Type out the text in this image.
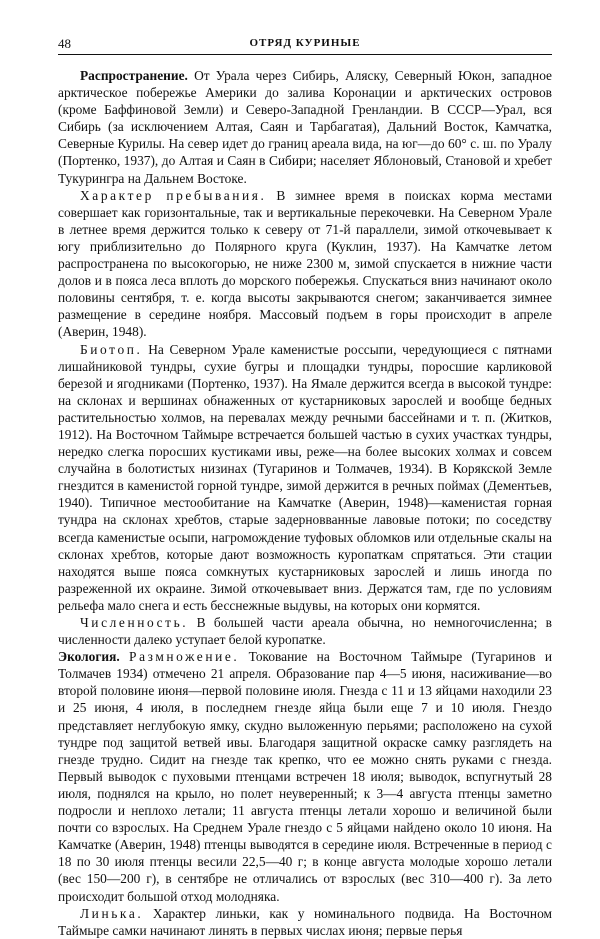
48	ОТРЯД КУРИНЫЕ

Распространение. От Урала через Сибирь, Аляску, Северный Юкон, западное арктическое побережье Америки до залива Коронации и арктических островов (кроме Баффиновой Земли) и Северо-Западной Гренландии. В СССР—Урал, вся Сибирь (за исключением Алтая, Саян и Тарбагатая), Дальний Восток, Камчатка, Северные Курилы. На север идет до границ ареала вида, на юг—до 60° с. ш. по Уралу (Портенко, 1937), до Алтая и Саян в Сибири; населяет Яблоновый, Становой и хребет Тукурингра на Дальнем Востоке.

Характер пребывания. В зимнее время в поисках корма местами совершает как горизонтальные, так и вертикальные перекочевки. На Северном Урале в летнее время держится только к северу от 71-й параллели, зимой откочевывает к югу приблизительно до Полярного круга (Куклин, 1937). На Камчатке летом распространена по высокогорью, не ниже 2300 м, зимой спускается в нижние части долов и в пояса леса вплоть до морского побережья. Спускаться вниз начинают около половины сентября, т. е. когда высоты закрываются снегом; заканчивается зимнее размещение в середине ноября. Массовый подъем в горы происходит в апреле (Аверин, 1948).

Биотоп. На Северном Урале каменистые россыпи, чередующиеся с пятнами лишайниковой тундры, сухие бугры и площадки тундры, поросшие карликовой березой и ягодниками (Портенко, 1937). На Ямале держится всегда в высокой тундре: на склонах и вершинах обнаженных от кустарниковых зарослей и вообще бедных растительностью холмов, на перевалах между речными бассейнами и т. п. (Житков, 1912). На Восточном Таймыре встречается большей частью в сухих участках тундры, нередко слегка поросших кустиками ивы, реже—на более высоких холмах и совсем случайна в болотистых низинах (Тугаринов и Толмачев, 1934). В Корякской Земле гнездится в каменистой горной тундре, зимой держится в речных поймах (Дементьев, 1940). Типичное местообитание на Камчатке (Аверин, 1948)—каменистая горная тундра на склонах хребтов, старые задерновванные лавовые потоки; по соседству всегда каменистые осыпи, нагромождение туфовых обломков или отдельные скалы на склонах хребтов, которые дают возможность куропаткам спрятаться. Эти стации находятся выше пояса сомкнутых кустарниковых зарослей и лишь иногда по разреженной их окраине. Зимой откочевывает вниз. Держатся там, где по условиям рельефа мало снега и есть бесснежные выдувы, на которых они кормятся.

Численность. В большей части ареала обычна, но немногочисленна; в численности далеко уступает белой куропатке.

Экология. Размножение. Токование на Восточном Таймыре (Тугаринов и Толмачев 1934) отмечено 21 апреля. Образование пар 4—5 июня, насиживание—во второй половине июня—первой половине июля. Гнезда с 11 и 13 яйцами находили 23 и 25 июня, 4 июля, в последнем гнезде яйца были еще 7 и 10 июля. Гнездо представляет неглубокую ямку, скудно выложенную перьями; расположено на сухой тундре под защитой ветвей ивы. Благодаря защитной окраске самку разглядеть на гнезде трудно. Сидит на гнезде так крепко, что ее можно снять руками с гнезда. Первый выводок с пуховыми птенцами встречен 18 июля; выводок, вспугнутый 28 июля, поднялся на крыло, но полет неуверенный; к 3—4 августа птенцы заметно подросли и неплохо летали; 11 августа птенцы летали хорошо и величиной были почти со взрослых. На Среднем Урале гнездо с 5 яйцами найдено около 10 июня. На Камчатке (Аверин, 1948) птенцы выводятся в середине июля. Встреченные в период с 18 по 30 июля птенцы весили 22,5—40 г; в конце августа молодые хорошо летали (вес 150—200 г), в сентябре не отличались от взрослых (вес 310—400 г). За лето происходит большой отход молодняка.

Линька. Характер линьки, как у номинального подвида. На Восточном Таймыре самки начинают линять в первых числах июня; первые перья
